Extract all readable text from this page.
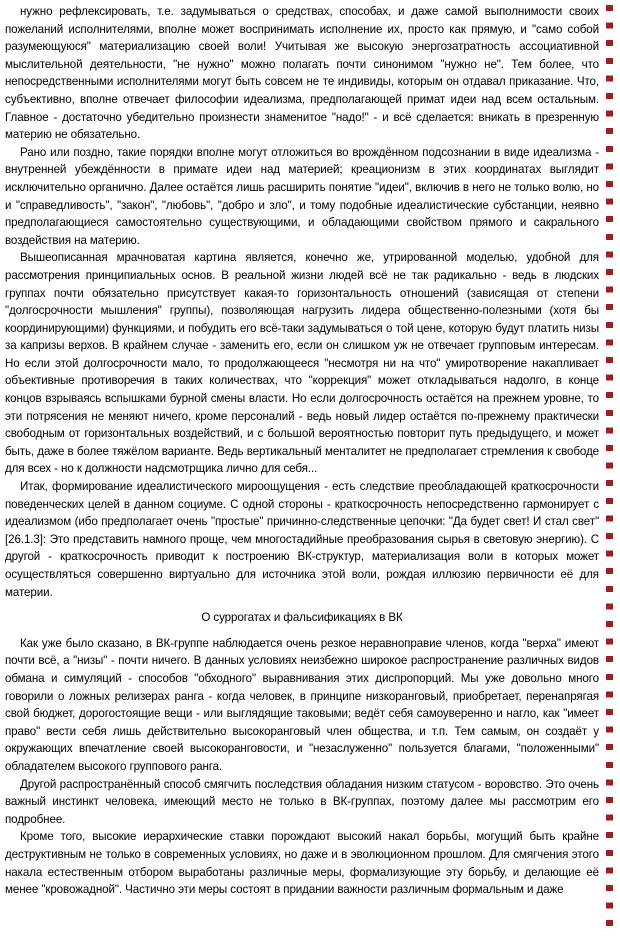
нужно рефлексировать, т.е. задумываться о средствах, способах, и даже самой выполнимости своих пожеланий исполнителями, вполне может воспринимать исполнение их, просто как прямую, и "само собой разумеющуюся" материализацию своей воли! Учитывая же высокую энергозатратность ассоциативной мыслительной деятельности, "не нужно" можно полагать почти синонимом "нужно не". Тем более, что непосредственными исполнителями могут быть совсем не те индивиды, которым он отдавал приказание. Что, субъективно, вполне отвечает философии идеализма, предполагающей примат идеи над всем остальным. Главное - достаточно убедительно произнести знаменитое "надо!" - и всё сделается: вникать в презренную материю не обязательно.

Рано или поздно, такие порядки вполне могут отложиться во врождённом подсознании в виде идеализма - внутренней убеждённости в примате идеи над материей; креационизм в этих координатах выглядит исключительно органично. Далее остаётся лишь расширить понятие "идеи", включив в него не только волю, но и "справедливость", "закон", "любовь", "добро и зло", и тому подобные идеалистические субстанции, неявно предполагающиеся самостоятельно существующими, и обладающими свойством прямого и сакрального воздействия на материю.

Вышеописанная мрачноватая картина является, конечно же, утрированной моделью, удобной для рассмотрения принципиальных основ. В реальной жизни людей всё не так радикально - ведь в людских группах почти обязательно присутствует какая-то горизонтальность отношений (зависящая от степени "долгосрочности мышления" группы), позволяющая нагрузить лидера общественно-полезными (хотя бы координирующими) функциями, и побудить его всё-таки задумываться о той цене, которую будут платить низы за капризы верхов. В крайнем случае - заменить его, если он слишком уж не отвечает групповым интересам. Но если этой долгосрочности мало, то продолжающееся "несмотря ни на что" умиротворение накапливает объективные противоречия в таких количествах, что "коррекция" может откладываться надолго, в конце концов взрываясь вспышками бурной смены власти. Но если долгосрочность остаётся на прежнем уровне, то эти потрясения не меняют ничего, кроме персоналий - ведь новый лидер остаётся по-прежнему практически свободным от горизонтальных воздействий, и с большой вероятностью повторит путь предыдущего, и может быть, даже в более тяжёлом варианте. Ведь вертикальный менталитет не предполагает стремления к свободе для всех - но к должности надсмотрщика лично для себя...

Итак, формирование идеалистического мироощущения - есть следствие преобладающей краткосрочности поведенческих целей в данном социуме. С одной стороны - краткосрочность непосредственно гармонирует с идеализмом (ибо предполагает очень "простые" причинно-следственные цепочки: "Да будет свет! И стал свет" [26.1.3]: Это представить намного проще, чем многостадийные преобразования сырья в световую энергию). С другой - краткосрочность приводит к построению ВК-структур, материализация воли в которых может осуществляться совершенно виртуально для источника этой воли, рождая иллюзию первичности её для материи.

О суррогатах и фальсификациях в ВК

Как уже было сказано, в ВК-группе наблюдается очень резкое неравноправие членов, когда "верха" имеют почти всё, а "низы" - почти ничего. В данных условиях неизбежно широкое распространение различных видов обмана и симуляций - способов "обходного" выравнивания этих диспропорций. Мы уже довольно много говорили о ложных релизерах ранга - когда человек, в принципе низкоранговый, приобретает, перенапрягая свой бюджет, дорогостоящие вещи - или выглядящие таковыми; ведёт себя самоуверенно и нагло, как "имеет право" вести себя лишь действительно высокоранговый член общества, и т.п. Тем самым, он создаёт у окружающих впечатление своей высокоранговости, и "незаслуженно" пользуется благами, "положенными" обладателем высокого группового ранга.

Другой распространённый способ смягчить последствия обладания низким статусом - воровство. Это очень важный инстинкт человека, имеющий место не только в ВК-группах, поэтому далее мы рассмотрим его подробнее.

Кроме того, высокие иерархические ставки порождают высокий накал борьбы, могущий быть крайне деструктивным не только в современных условиях, но даже и в эволюционном прошлом. Для смягчения этого накала естественным отбором выработаны различные меры, формализующие эту борьбу, и делающие её менее "кровожадной". Частично эти меры состоят в придании важности различным формальным и даже
